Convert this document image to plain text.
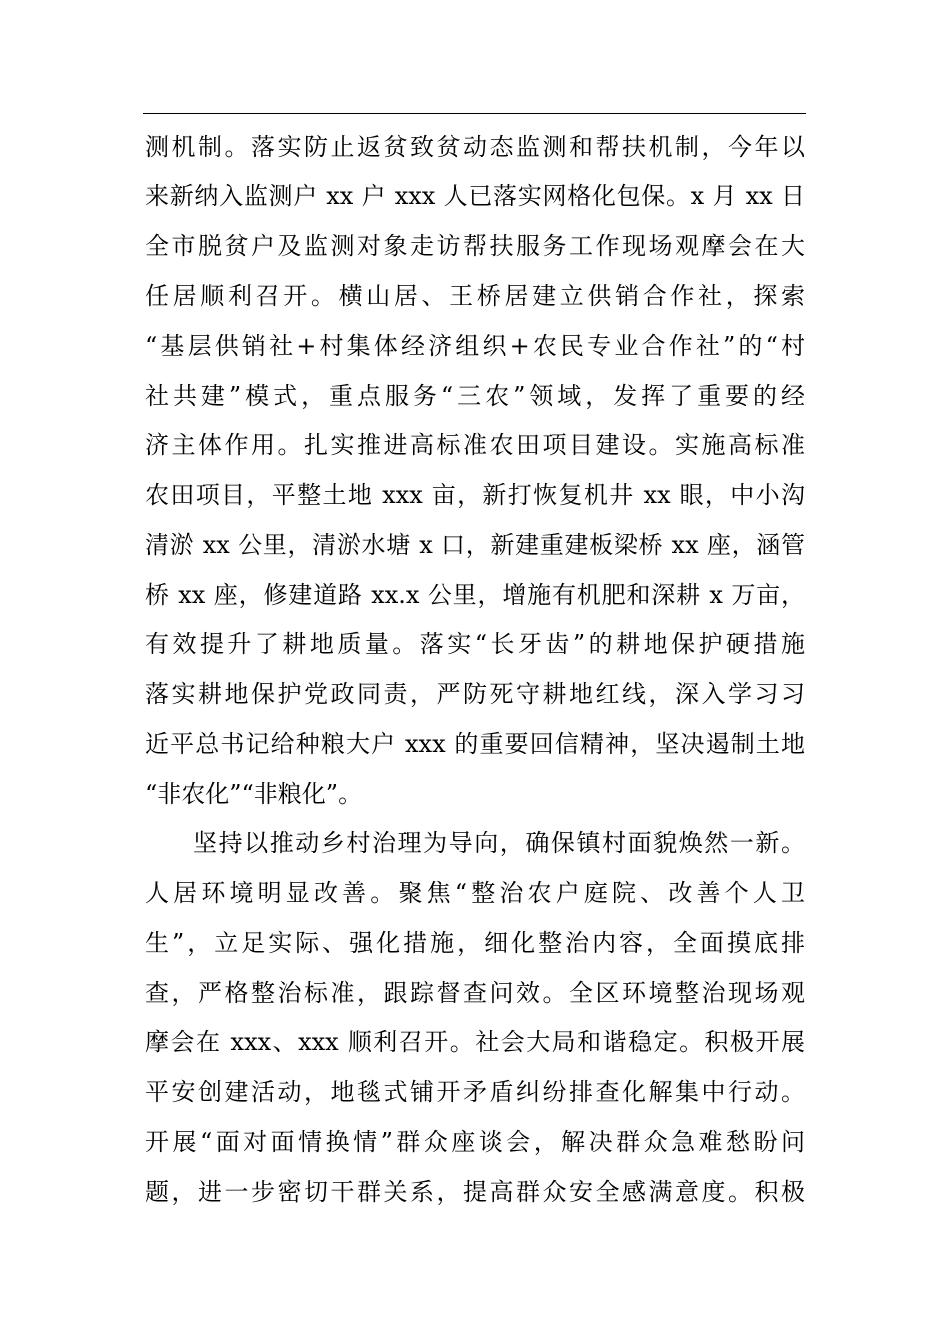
测机制。落实防止返贫致贫动态监测和帮扶机制，今年以
来新纳入监测户 xx 户 xxx 人已落实网格化包保。x 月 xx 日
全市脱贫户及监测对象走访帮扶服务工作现场观摩会在大
任居顺利召开。横山居、王桥居建立供销合作社，探索
“基层供销社+村集体经济组织+农民专业合作社”的“村
社共建”模式，重点服务“三农”领域，发挥了重要的经
济主体作用。扎实推进高标准农田项目建设。实施高标准
农田项目，平整土地 xxx 亩，新打恢复机井 xx 眼，中小沟
清淤 xx 公里，清淤水塘 x 口，新建重建板梁桥 xx 座，涵管
桥 xx 座，修建道路 xx.x 公里，增施有机肥和深耕 x 万亩，
有效提升了耕地质量。落实“长牙齿”的耕地保护硬措施
落实耕地保护党政同责，严防死守耕地红线，深入学习习
近平总书记给种粮大户 xxx 的重要回信精神，坚决遏制土地
“非农化”“非粮化”。
坚持以推动乡村治理为导向，确保镇村面貌焕然一新。
人居环境明显改善。聚焦“整治农户庭院、改善个人卫
生”，立足实际、强化措施，细化整治内容，全面摸底排
查，严格整治标准，跟踪督查问效。全区环境整治现场观
摩会在 xxx、xxx 顺利召开。社会大局和谐稳定。积极开展
平安创建活动，地毯式铺开矛盾纠纷排查化解集中行动。
开展“面对面情换情”群众座谈会，解决群众急难愁盼问
题，进一步密切干群关系，提高群众安全感满意度。积极
